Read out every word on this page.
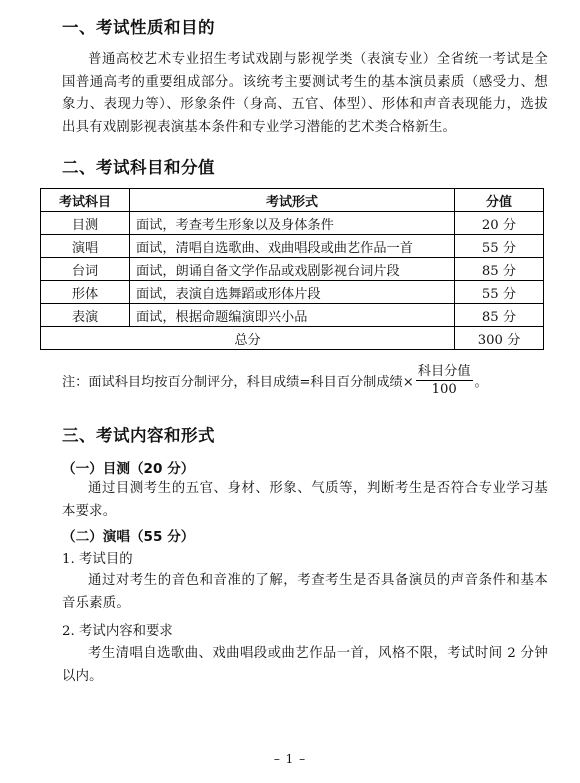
一、考试性质和目的
普通高校艺术专业招生考试戏剧与影视学类（表演专业）全省统一考试是全国普通高考的重要组成部分。该统考主要测试考生的基本演员素质（感受力、想象力、表现力等）、形象条件（身高、五官、体型）、形体和声音表现能力，选拔出具有戏剧影视表演基本条件和专业学习潜能的艺术类合格新生。
二、考试科目和分值
考试科目	考试形式	分值
目测	面试，考查考生形象以及身体条件	20 分
演唱	面试，清唱自选歌曲、戏曲唱段或曲艺作品一首	55 分
台词	面试，朗诵自备文学作品或戏剧影视台词片段	85 分
形体	面试，表演自选舞蹈或形体片段	55 分
表演	面试，根据命题编演即兴小品	85 分
总分		300 分
注：面试科目均按百分制评分，科目成绩=科目百分制成绩× $\frac{\text{科目分值}}{100}$ 。
三、考试内容和形式
（一）目测（20 分）
通过目测考生的五官、身材、形象、气质等，判断考生是否符合专业学习基本要求。
（二）演唱（55 分）
1. 考试目的
通过对考生的音色和音准的了解，考查考生是否具备演员的声音条件和基本音乐素质。
2. 考试内容和要求
考生清唱自选歌曲、戏曲唱段或曲艺作品一首，风格不限，考试时间 2 分钟以内。
– 1 –
